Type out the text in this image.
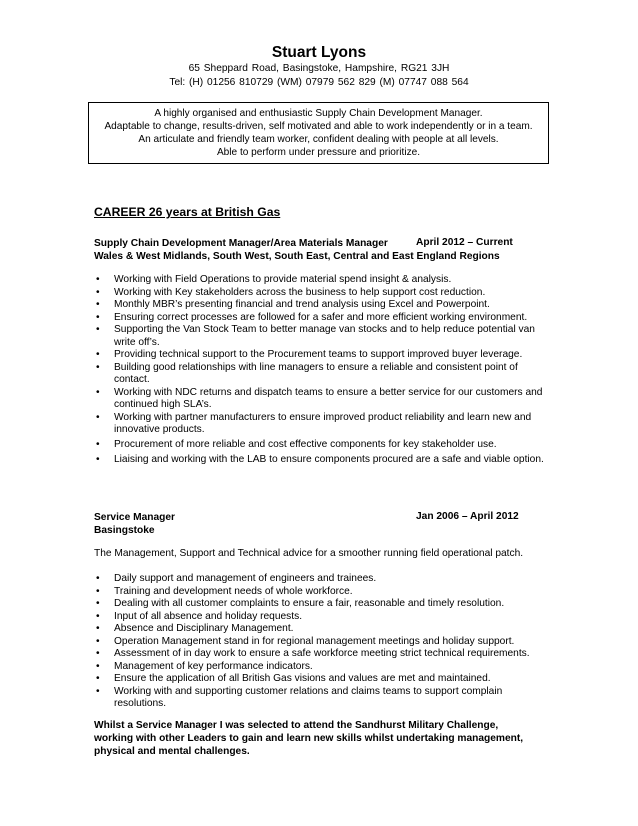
Stuart Lyons
65 Sheppard Road, Basingstoke, Hampshire, RG21 3JH
Tel: (H) 01256 810729 (WM) 07979 562 829 (M) 07747 088 564
A highly organised and enthusiastic Supply Chain Development Manager.
Adaptable to change, results-driven, self motivated and able to work independently or in a team.
An articulate and friendly team worker, confident dealing with people at all levels.
Able to perform under pressure and prioritize.
CAREER 26 years at British Gas
Supply Chain Development Manager/Area Materials Manager	April 2012 – Current
Wales & West Midlands, South West, South East, Central and East England Regions
• Working with Field Operations to provide material spend insight & analysis.
• Working with Key stakeholders across the business to help support cost reduction.
• Monthly MBR’s presenting financial and trend analysis using Excel and Powerpoint.
• Ensuring correct processes are followed for a safer and more efficient working environment.
• Supporting the Van Stock Team to better manage van stocks and to help reduce potential van write off’s.
• Providing technical support to the Procurement teams to support improved buyer leverage.
• Building good relationships with line managers to ensure a reliable and consistent point of contact.
• Working with NDC returns and dispatch teams to ensure a better service for our customers and continued high SLA’s.
• Working with partner manufacturers to ensure improved product reliability and learn new and innovative products.
• Procurement of more reliable and cost effective components for key stakeholder use.
• Liaising and working with the LAB to ensure components procured are a safe and viable option.
Service Manager	Jan 2006 – April 2012
Basingstoke
The Management, Support and Technical advice for a smoother running field operational patch.
• Daily support and management of engineers and trainees.
• Training and development needs of whole workforce.
• Dealing with all customer complaints to ensure a fair, reasonable and timely resolution.
• Input of all absence and holiday requests.
• Absence and Disciplinary Management.
• Operation Management stand in for regional management meetings and holiday support.
• Assessment of in day work to ensure a safe workforce meeting strict technical requirements.
• Management of key performance indicators.
• Ensure the application of all British Gas visions and values are met and maintained.
• Working with and supporting customer relations and claims teams to support complain resolutions.
Whilst a Service Manager I was selected to attend the Sandhurst Military Challenge,
working with other Leaders to gain and learn new skills whilst undertaking management,
physical and mental challenges.
